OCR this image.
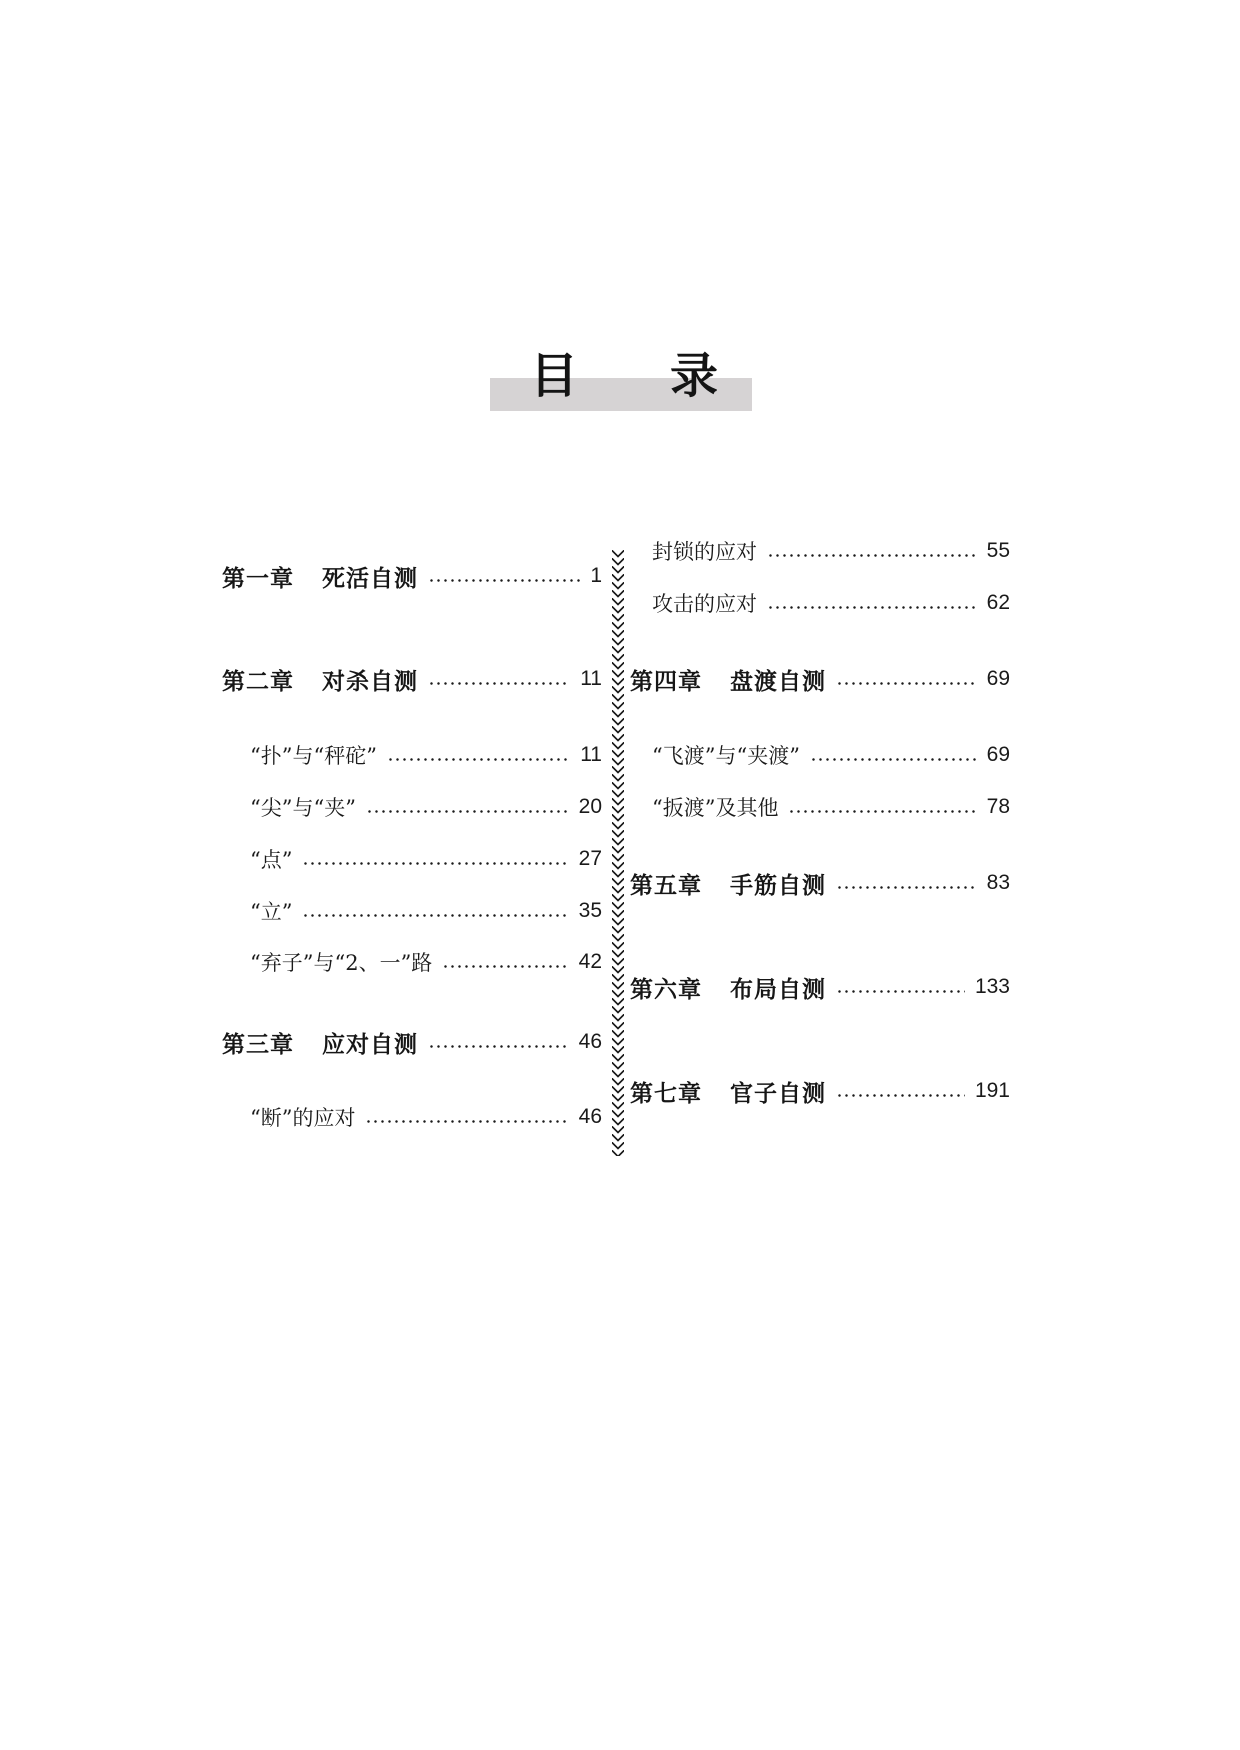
目 录
第一章 死活自测	1
第二章 对杀自测	11
“扑”与“秤砣”	11
“尖”与“夹”	20
“点”	27
“立”	35
“弃子”与“2、一”路	42
第三章 应对自测	46
“断”的应对	46
封锁的应对	55
攻击的应对	62
第四章 盘渡自测	69
“飞渡”与“夹渡”	69
“扳渡”及其他	78
第五章 手筋自测	83
第六章 布局自测	133
第七章 官子自测	191
